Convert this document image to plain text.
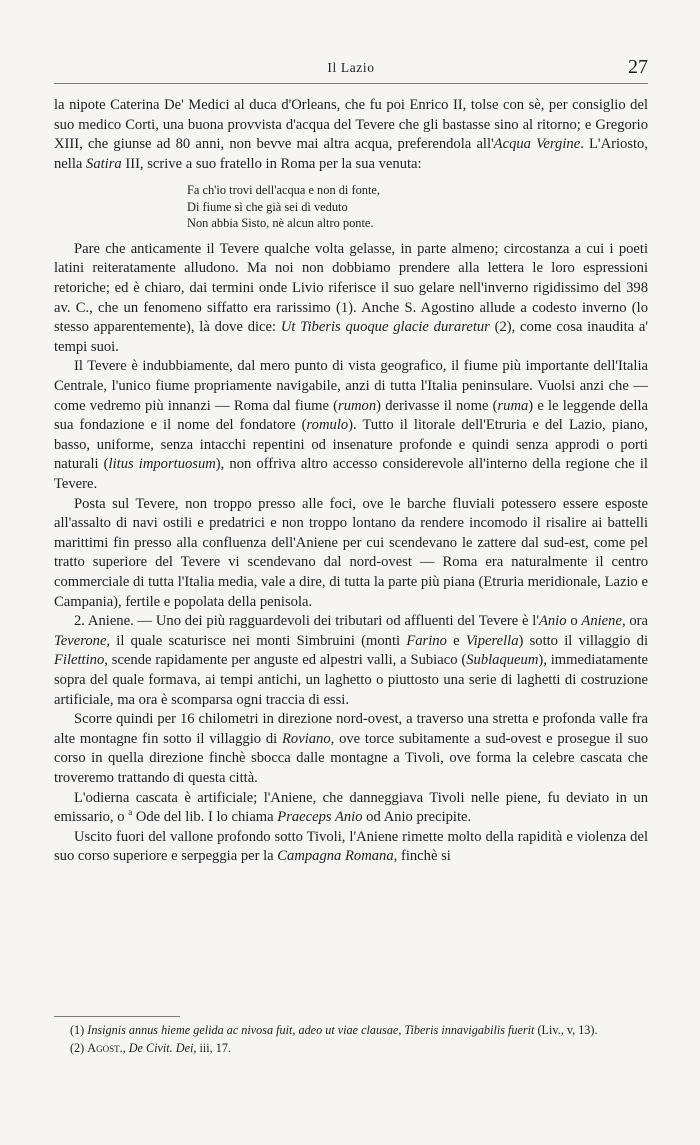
Il Lazio	27

la nipote Caterina De' Medici al duca d'Orleans, che fu poi Enrico II, tolse con sè, per consiglio del suo medico Corti, una buona provvista d'acqua del Tevere che gli bastasse sino al ritorno; e Gregorio XIII, che giunse ad 80 anni, non bevve mai altra acqua, preferendola all'Acqua Vergine. L'Ariosto, nella Satira III, scrive a suo fratello in Roma per la sua venuta:

Fa ch'io trovi dell'acqua e non di fonte,
Di fiume sì che già sei dì veduto
Non abbia Sisto, nè alcun altro ponte.

Pare che anticamente il Tevere qualche volta gelasse, in parte almeno; circostanza a cui i poeti latini reiteratamente alludono. Ma noi non dobbiamo prendere alla lettera le loro espressioni retoriche; ed è chiaro, dai termini onde Livio riferisce il suo gelare nell'inverno rigidissimo del 398 av. C., che un fenomeno siffatto era rarissimo (1). Anche S. Agostino allude a codesto inverno (lo stesso apparentemente), là dove dice: Ut Tiberis quoque glacie duraretur (2), come cosa inaudita a' tempi suoi.

Il Tevere è indubbiamente, dal mero punto di vista geografico, il fiume più importante dell'Italia Centrale, l'unico fiume propriamente navigabile, anzi di tutta l'Italia peninsulare. Vuolsi anzi che — come vedremo più innanzi — Roma dal fiume (rumon) derivasse il nome (ruma) e le leggende della sua fondazione e il nome del fondatore (romulo). Tutto il litorale dell'Etruria e del Lazio, piano, basso, uniforme, senza intacchi repentini od insenature profonde e quindi senza approdi o porti naturali (litus importuosum), non offriva altro accesso considerevole all'interno della regione che il Tevere.

Posta sul Tevere, non troppo presso alle foci, ove le barche fluviali potessero essere esposte all'assalto di navi ostili e predatrici e non troppo lontano da rendere incomodo il risalire ai battelli marittimi fin presso alla confluenza dell'Aniene per cui scendevano le zattere dal sud-est, come pel tratto superiore del Tevere vi scendevano dal nord-ovest — Roma era naturalmente il centro commerciale di tutta l'Italia media, vale a dire, di tutta la parte più piana (Etruria meridionale, Lazio e Campania), fertile e popolata della penisola.

2. Aniene. — Uno dei più ragguardevoli dei tributari od affluenti del Tevere è l'Anio o Aniene, ora Teverone, il quale scaturisce nei monti Simbruini (monti Farino e Viperella) sotto il villaggio di Filettino, scende rapidamente per anguste ed alpestri valli, a Subiaco (Sublaqueum), immediatamente sopra del quale formava, ai tempi antichi, un laghetto o piuttosto una serie di laghetti di costruzione artificiale, ma ora è scomparsa ogni traccia di essi.

Scorre quindi per 16 chilometri in direzione nord-ovest, a traverso una stretta e profonda valle fra alte montagne fin sotto il villaggio di Roviano, ove torce subitamente a sud-ovest e prosegue il suo corso in quella direzione finchè sbocca dalle montagne a Tivoli, ove forma la celebre cascata che troveremo trattando di questa città.

L'odierna cascata è artificiale; l'Aniene, che danneggiava Tivoli nelle piene, fu deviato in un emissario, o $^a$ Ode del lib. I lo chiama Praeceps Anio od Anio precipite.

Uscito fuori del vallone profondo sotto Tivoli, l'Aniene rimette molto della rapidità e violenza del suo corso superiore e serpeggia per la Campagna Romana, finchè si

(1) Insignis annus hieme gelida ac nivosa fuit, adeo ut viae clausae, Tiberis innavigabilis fuerit (Liv., v, 13).

(2) Agost., De Civit. Dei, iii, 17.
